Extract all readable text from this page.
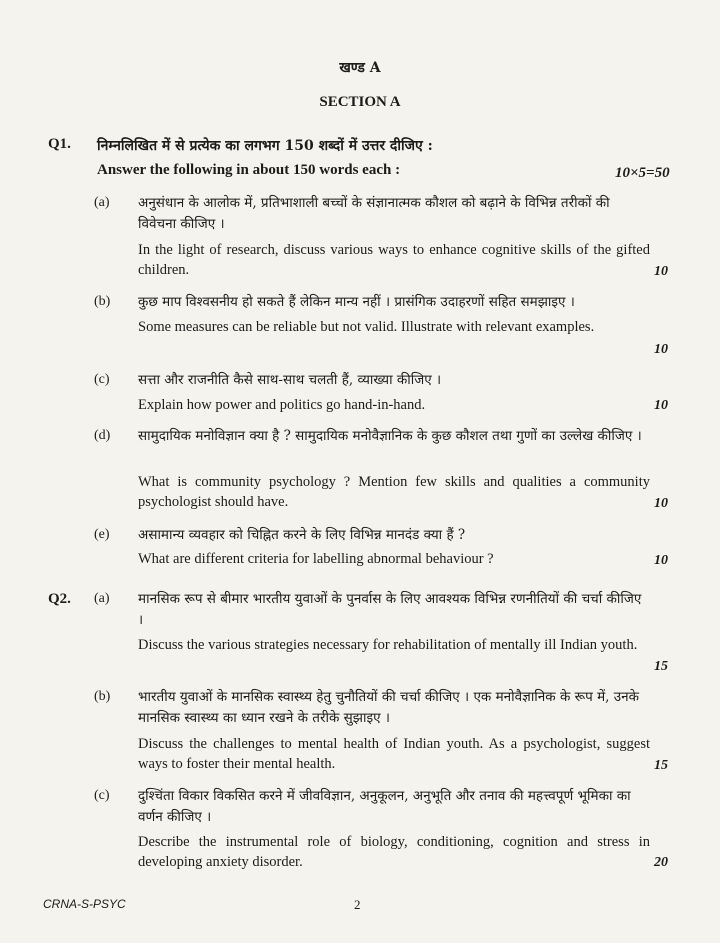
खण्ड A
SECTION A
Q1. निम्नलिखित में से प्रत्येक का लगभग 150 शब्दों में उत्तर दीजिए :
Answer the following in about 150 words each :	10×5=50
(a) अनुसंधान के आलोक में, प्रतिभाशाली बच्चों के संज्ञानात्मक कौशल को बढ़ाने के विभिन्न तरीकों की विवेचना कीजिए ।
In the light of research, discuss various ways to enhance cognitive skills of the gifted children.	10
(b) कुछ माप विश्वसनीय हो सकते हैं लेकिन मान्य नहीं । प्रासंगिक उदाहरणों सहित समझाइए ।
Some measures can be reliable but not valid. Illustrate with relevant examples.
10
(c) सत्ता और राजनीति कैसे साथ-साथ चलती हैं, व्याख्या कीजिए ।
Explain how power and politics go hand-in-hand.	10
(d) सामुदायिक मनोविज्ञान क्या है ? सामुदायिक मनोवैज्ञानिक के कुछ कौशल तथा गुणों का उल्लेख कीजिए ।
What is community psychology ? Mention few skills and qualities a community psychologist should have.	10
(e) असामान्य व्यवहार को चिह्नित करने के लिए विभिन्न मानदंड क्या हैं ?
What are different criteria for labelling abnormal behaviour ?	10
Q2. (a) मानसिक रूप से बीमार भारतीय युवाओं के पुनर्वास के लिए आवश्यक विभिन्न रणनीतियों की चर्चा कीजिए ।
Discuss the various strategies necessary for rehabilitation of mentally ill Indian youth.
15
(b) भारतीय युवाओं के मानसिक स्वास्थ्य हेतु चुनौतियों की चर्चा कीजिए । एक मनोवैज्ञानिक के रूप में, उनके मानसिक स्वास्थ्य का ध्यान रखने के तरीके सुझाइए ।
Discuss the challenges to mental health of Indian youth. As a psychologist, suggest ways to foster their mental health.	15
(c) दुश्चिंता विकार विकसित करने में जीवविज्ञान, अनुकूलन, अनुभूति और तनाव की महत्त्वपूर्ण भूमिका का वर्णन कीजिए ।
Describe the instrumental role of biology, conditioning, cognition and stress in developing anxiety disorder.	20
CRNA-S-PSYC	2
